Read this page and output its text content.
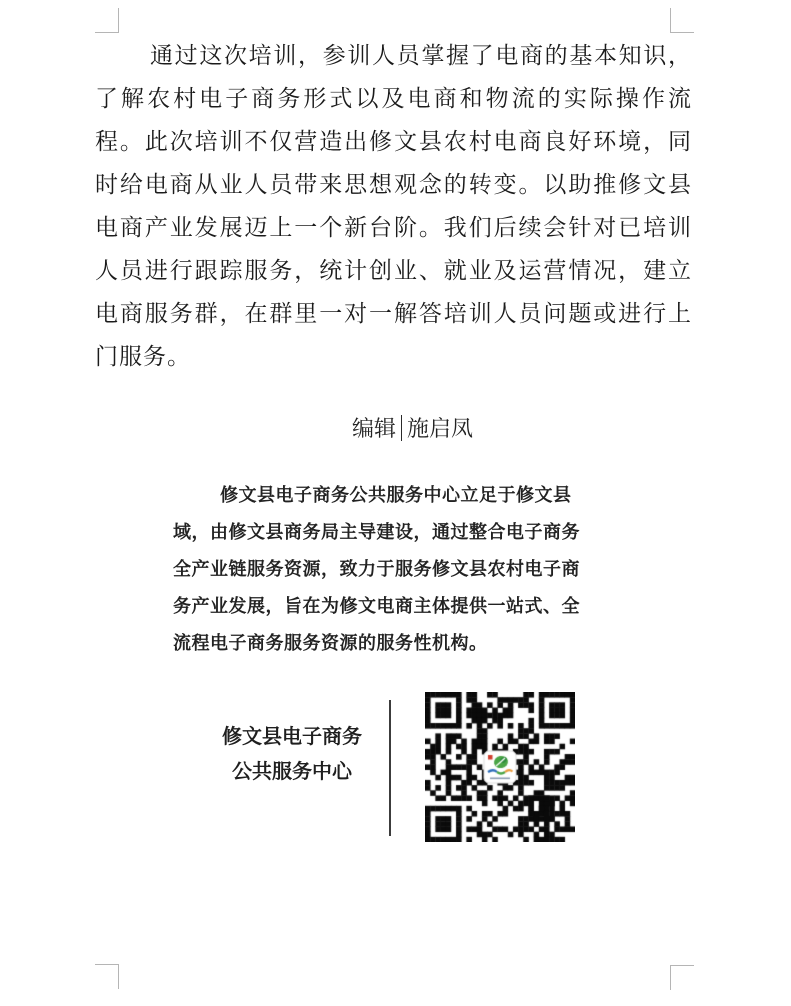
通过这次培训，参训人员掌握了电商的基本知识，了解农村电子商务形式以及电商和物流的实际操作流程。此次培训不仅营造出修文县农村电商良好环境，同时给电商从业人员带来思想观念的转变。以助推修文县电商产业发展迈上一个新台阶。我们后续会针对已培训人员进行跟踪服务，统计创业、就业及运营情况，建立电商服务群，在群里一对一解答培训人员问题或进行上门服务。

编辑 施启凤

修文县电子商务公共服务中心立足于修文县域，由修文县商务局主导建设，通过整合电子商务全产业链服务资源，致力于服务修文县农村电子商务产业发展，旨在为修文电商主体提供一站式、全流程电子商务服务资源的服务性机构。

修文县电子商务
公共服务中心
